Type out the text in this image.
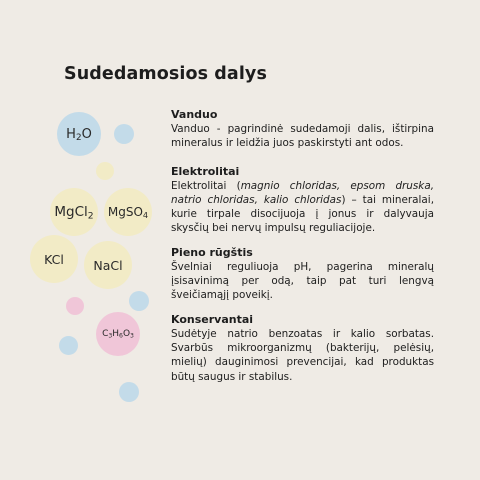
Sudedamosios dalys
$H_2O$
MgCl$_2$ MgSO$_4$
KCl NaCl
$C_3H_6O_3$
Vanduo

Vanduo - pagrindinė sudedamoji dalis, ištirpina mineralus ir leidžia juos paskirstyti ant odos.

Elektrolitai

Elektrolitai (magnio chloridas, epsom druska, natrio chloridas, kalio chloridas) – tai mineralai, kurie tirpale disocijuoja į jonus ir dalyvauja skysčių bei nervų impulsų reguliacijoje.

Pieno rūgštis

Švelniai reguliuoja pH, pagerina mineralų įsisavinimą per odą, taip pat turi lengvą šveičiamąjį poveikį.

Konservantai

Sudėtyje natrio benzoatas ir kalio sorbatas. Svarbūs mikroorganizmų (bakterijų, pelėsių, mielių) dauginimosi prevencijai, kad produktas būtų saugus ir stabilus.
